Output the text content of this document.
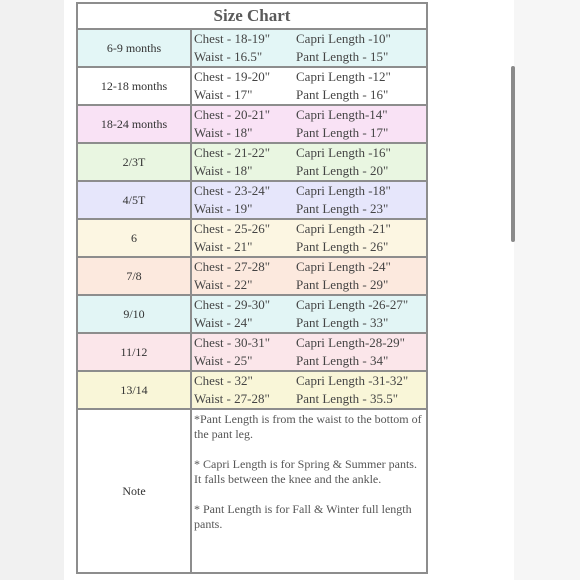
Size Chart
6-9 months
Chest - 18-19"	Capri Length -10"
Waist - 16.5"	Pant Length - 15"
12-18 months
Chest - 19-20"	Capri Length -12"
Waist - 17"	Pant Length - 16"
18-24 months
Chest - 20-21"	Capri Length-14"
Waist - 18"	Pant Length - 17"
2/3T
Chest - 21-22"	Capri Length -16"
Waist - 18"	Pant Length - 20"
4/5T
Chest - 23-24"	Capri Length -18"
Waist - 19"	Pant Length - 23"
6
Chest - 25-26"	Capri Length -21"
Waist - 21"	Pant Length - 26"
7/8
Chest - 27-28"	Capri Length -24"
Waist - 22"	Pant Length - 29"
9/10
Chest - 29-30"	Capri Length -26-27"
Waist - 24"	Pant Length - 33"
11/12
Chest - 30-31"	Capri Length-28-29"
Waist - 25"	Pant Length - 34"
13/14
Chest - 32"	Capri Length -31-32"
Waist - 27-28"	Pant Length - 35.5"
Note

*Pant Length is from the waist to the bottom of the pant leg.

* Capri Length is for Spring & Summer pants. It falls between the knee and the ankle.

* Pant Length is for Fall & Winter full length pants.
